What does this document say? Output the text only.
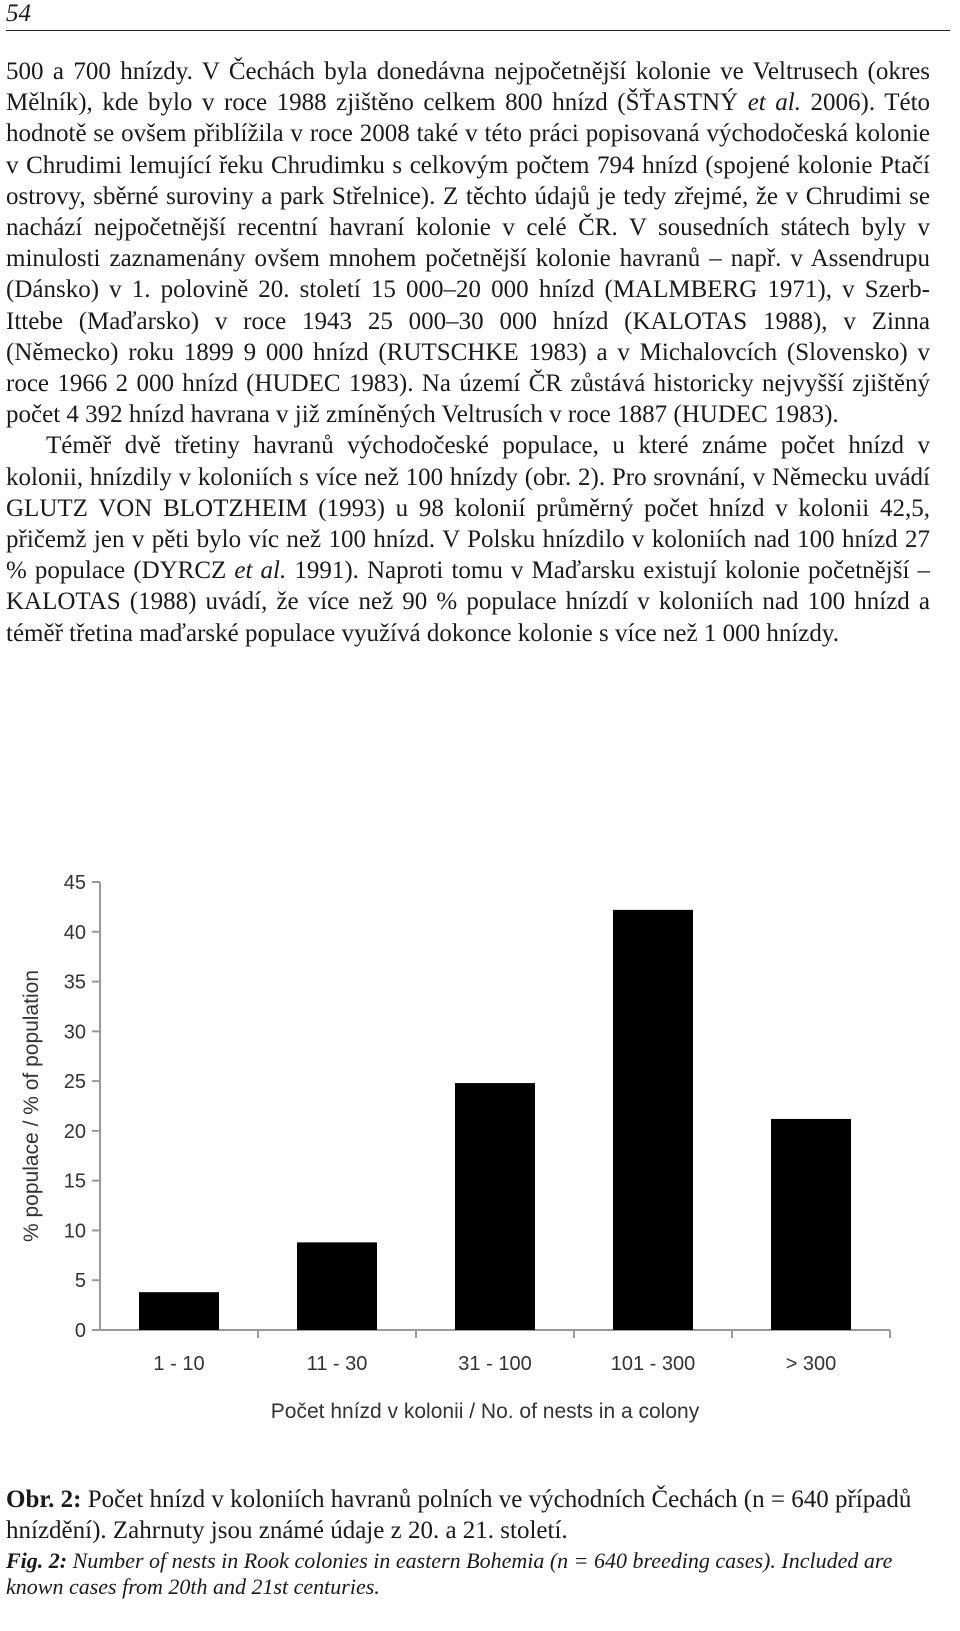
54

500 a 700 hnízdy. V Čechách byla donedávna nejpočetnější kolonie ve Veltrusech (okres Mělník), kde bylo v roce 1988 zjištěno celkem 800 hnízd (ŠŤASTNÝ et al. 2006). Této hodnotě se ovšem přiblížila v roce 2008 také v této práci popisovaná východočeská kolonie v Chrudimi lemující řeku Chrudimku s celkovým počtem 794 hnízd (spojené kolonie Ptačí ostrovy, sběrné suroviny a park Střelnice). Z těchto údajů je tedy zřejmé, že v Chrudimi se nachází nejpočetnější recentní havraní kolonie v celé ČR. V sousedních státech byly v minulosti zaznamenány ovšem mnohem početnější kolonie havranů – např. v Assendrupu (Dánsko) v 1. polovině 20. století 15 000–20 000 hnízd (MALMBERG 1971), v Szerb-Ittebe (Maďarsko) v roce 1943 25 000–30 000 hnízd (KALOTAS 1988), v Zinna (Německo) roku 1899 9 000 hnízd (RUTSCHKE 1983) a v Michalovcích (Slovensko) v roce 1966 2 000 hnízd (HUDEC 1983). Na území ČR zůstává historicky nejvyšší zjištěný počet 4 392 hnízd havrana v již zmíněných Veltrusích v roce 1887 (HUDEC 1983).

Téměř dvě třetiny havranů východočeské populace, u které známe počet hnízd v kolonii, hnízdily v koloniích s více než 100 hnízdy (obr. 2). Pro srovnání, v Německu uvádí GLUTZ VON BLOTZHEIM (1993) u 98 kolonií průměrný počet hnízd v kolonii 42,5, přičemž jen v pěti bylo víc než 100 hnízd. V Polsku hnízdilo v koloniích nad 100 hnízd 27 % populace (DYRCZ et al. 1991). Naproti tomu v Maďarsku existují kolonie početnější – KALOTAS (1988) uvádí, že více než 90 % populace hnízdí v koloniích nad 100 hnízd a téměř třetina maďarské populace využívá dokonce kolonie s více než 1 000 hnízdy.

0
5
10
15
20
25
30
35
40
45
1 - 10	11 - 30	31 - 100	101 - 300	> 300
Počet hnízd v kolonii / No. of nests in a colony
% populace / % of population

Obr. 2: Počet hnízd v koloniích havranů polních ve východních Čechách (n = 640 případů hnízdění). Zahrnuty jsou známé údaje z 20. a 21. století.

Fig. 2: Number of nests in Rook colonies in eastern Bohemia (n = 640 breeding cases). Included are known cases from 20th and 21st centuries.
